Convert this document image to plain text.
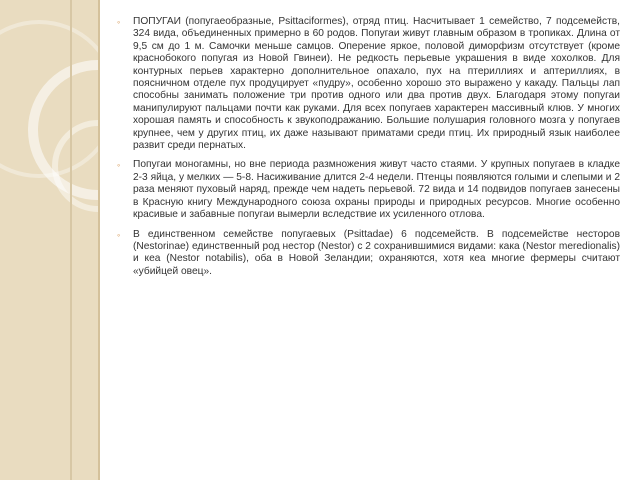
◦ ПОПУГАИ (попугаеобразные, Psittaciformes), отряд птиц. Насчитывает 1 семейство, 7 подсемейств, 324 вида, объединенных примерно в 60 родов. Попугаи живут главным образом в тропиках. Длина от 9,5 см до 1 м. Самочки меньше самцов. Оперение яркое, половой диморфизм отсутствует (кроме краснобокого попугая из Новой Гвинеи). Не редкость перьевые украшения в виде хохолков. Для контурных перьев характерно дополнительное опахало, пух на птериллиях и аптериллиях, в поясничном отделе пух продуцирует «пудру», особенно хорошо это выражено у какаду. Пальцы лап способны занимать положение три против одного или два против двух. Благодаря этому попугаи манипулируют пальцами почти как руками. Для всех попугаев характерен массивный клюв. У многих хорошая память и способность к звукоподражанию. Большие полушария головного мозга у попугаев крупнее, чем у других птиц, их даже называют приматами среди птиц. Их природный язык наиболее развит среди пернатых.
◦ Попугаи моногамны, но вне периода размножения живут часто стаями. У крупных попугаев в кладке 2-3 яйца, у мелких — 5-8. Насиживание длится 2-4 недели. Птенцы появляются голыми и слепыми и 2 раза меняют пуховый наряд, прежде чем надеть перьевой. 72 вида и 14 подвидов попугаев занесены в Красную книгу Международного союза охраны природы и природных ресурсов. Многие особенно красивые и забавные попугаи вымерли вследствие их усиленного отлова.
◦ В единственном семействе попугаевых (Psittadae) 6 подсемейств. В подсемействе несторов (Nestorinae) единственный род нестор (Nestor) с 2 сохранившимися видами: кака (Nestor meredionalis) и кеа (Nestor notabilis), оба в Новой Зеландии; охраняются, хотя кеа многие фермеры считают «убийцей овец».
